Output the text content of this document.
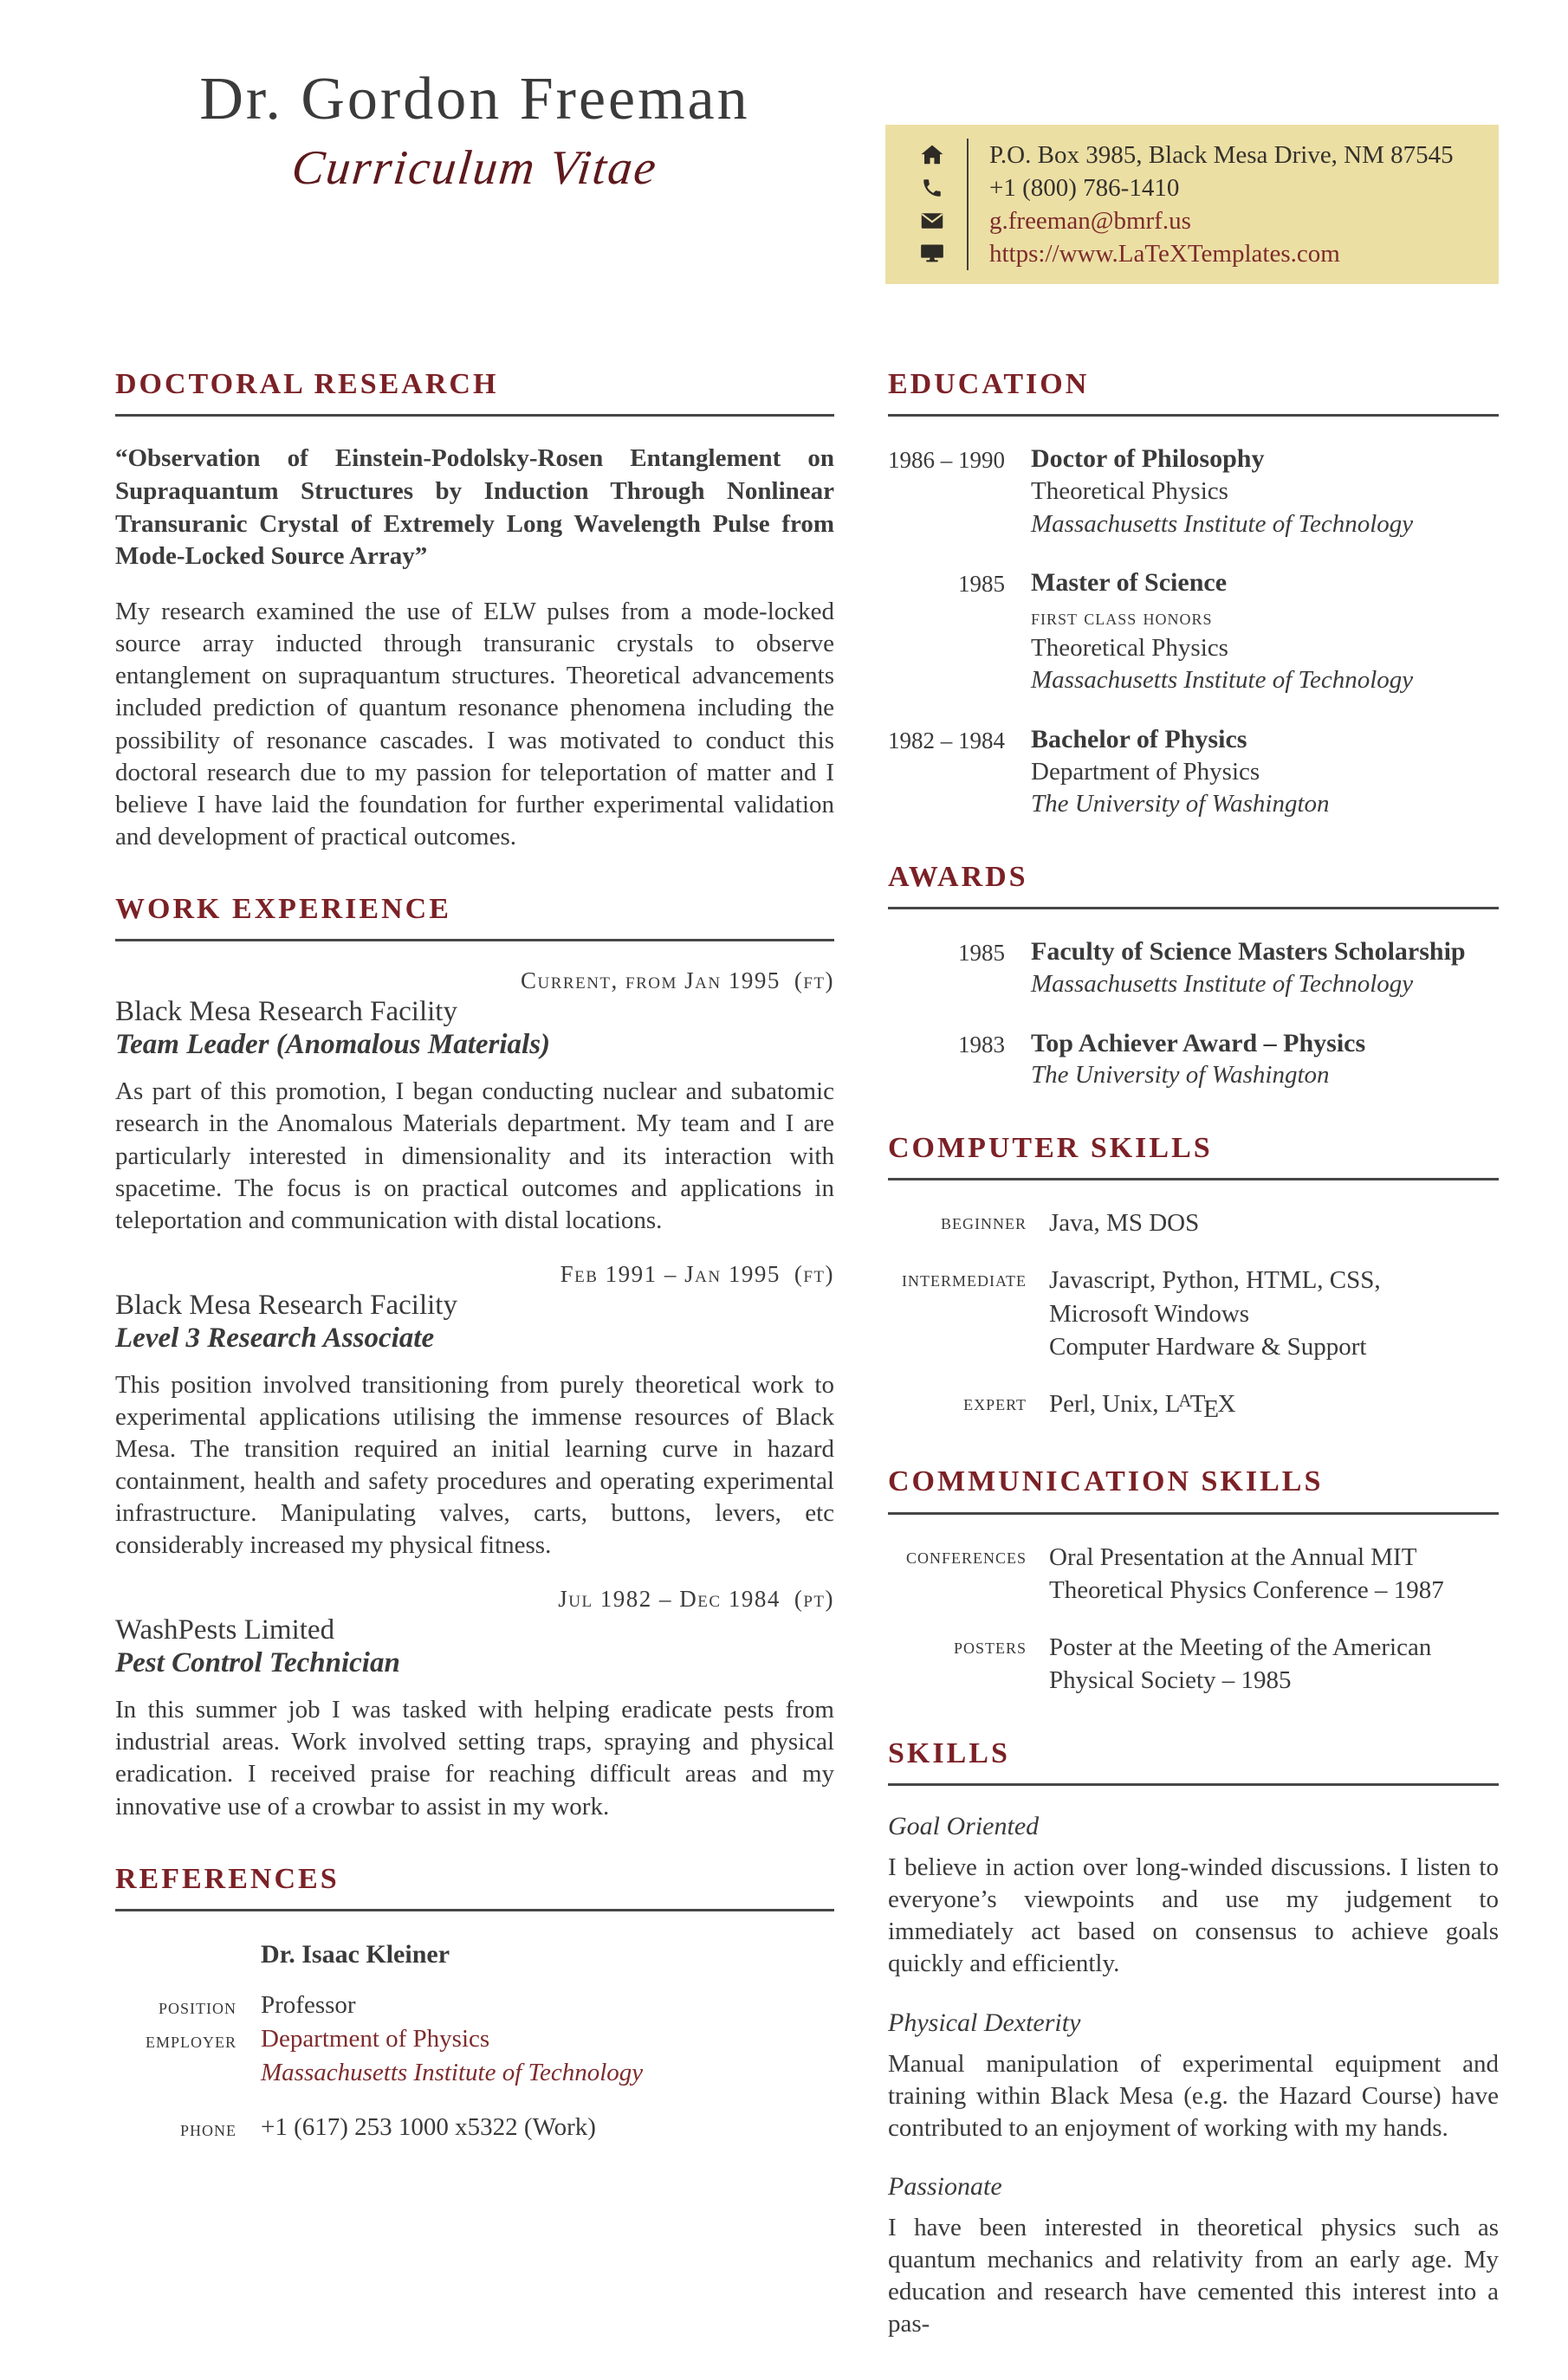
Dr. Gordon Freeman
Curriculum Vitae	P.O. Box 3985, Black Mesa Drive, NM 87545
+1 (800) 786-1410
g.freeman@bmrf.us
https://www.LaTeXTemplates.com
DOCTORAL RESEARCH

“Observation of Einstein-Podolsky-Rosen Entanglement on Supraquantum Structures by Induction Through Nonlinear Transuranic Crystal of Extremely Long Wavelength Pulse from Mode-Locked Source Array”

My research examined the use of ELW pulses from a mode-locked source array inducted through transuranic crystals to observe entanglement on supraquantum structures. Theoretical advancements included prediction of quantum resonance phenomena including the possibility of resonance cascades. I was motivated to conduct this doctoral research due to my passion for teleportation of matter and I believe I have laid the foundation for further experimental validation and development of practical outcomes.

WORK EXPERIENCE
Current, from Jan 1995 (ft)
Black Mesa Research Facility
Team Leader (Anomalous Materials)

As part of this promotion, I began conducting nuclear and subatomic research in the Anomalous Materials department. My team and I are particularly interested in dimensionality and its interaction with spacetime. The focus is on practical outcomes and applications in teleportation and communication with distal locations.

Feb 1991 – Jan 1995 (ft)
Black Mesa Research Facility
Level 3 Research Associate

This position involved transitioning from purely theoretical work to experimental applications utilising the immense resources of Black Mesa. The transition required an initial learning curve in hazard containment, health and safety procedures and operating experimental infrastructure. Manipulating valves, carts, buttons, levers, etc considerably increased my physical fitness.

Jul 1982 – Dec 1984 (pt)
WashPests Limited
Pest Control Technician

In this summer job I was tasked with helping eradicate pests from industrial areas. Work involved setting traps, spraying and physical eradication. I received praise for reaching difficult areas and my innovative use of a crowbar to assist in my work.

REFERENCES
Dr. Isaac Kleiner
position Professor
employer Department of Physics
Massachusetts Institute of Technology
phone +1 (617) 253 1000 x5322 (Work)
EDUCATION
1986 – 1990 Doctor of Philosophy
Theoretical Physics
Massachusetts Institute of Technology
1985 Master of Science
first class honors
Theoretical Physics
Massachusetts Institute of Technology
1982 – 1984 Bachelor of Physics
Department of Physics
The University of Washington
AWARDS
1985 Faculty of Science Masters Scholarship
Massachusetts Institute of Technology
1983 Top Achiever Award – Physics
The University of Washington
COMPUTER SKILLS
beginner Java, MS DOS
intermediate Javascript, Python, HTML, CSS,
Microsoft Windows
Computer Hardware & Support
expert Perl, Unix, $L^ATEX$
COMMUNICATION SKILLS
conferences Oral Presentation at the Annual MIT Theoretical Physics Conference – 1987
posters Poster at the Meeting of the American Physical Society – 1985
SKILLS
Goal Oriented

I believe in action over long-winded discussions. I listen to everyone’s viewpoints and use my judgement to immediately act based on consensus to achieve goals quickly and efficiently.

Physical Dexterity

Manual manipulation of experimental equipment and training within Black Mesa (e.g. the Hazard Course) have contributed to an enjoyment of working with my hands.

Passionate

I have been interested in theoretical physics such as quantum mechanics and relativity from an early age. My education and research have cemented this interest into a pas-
